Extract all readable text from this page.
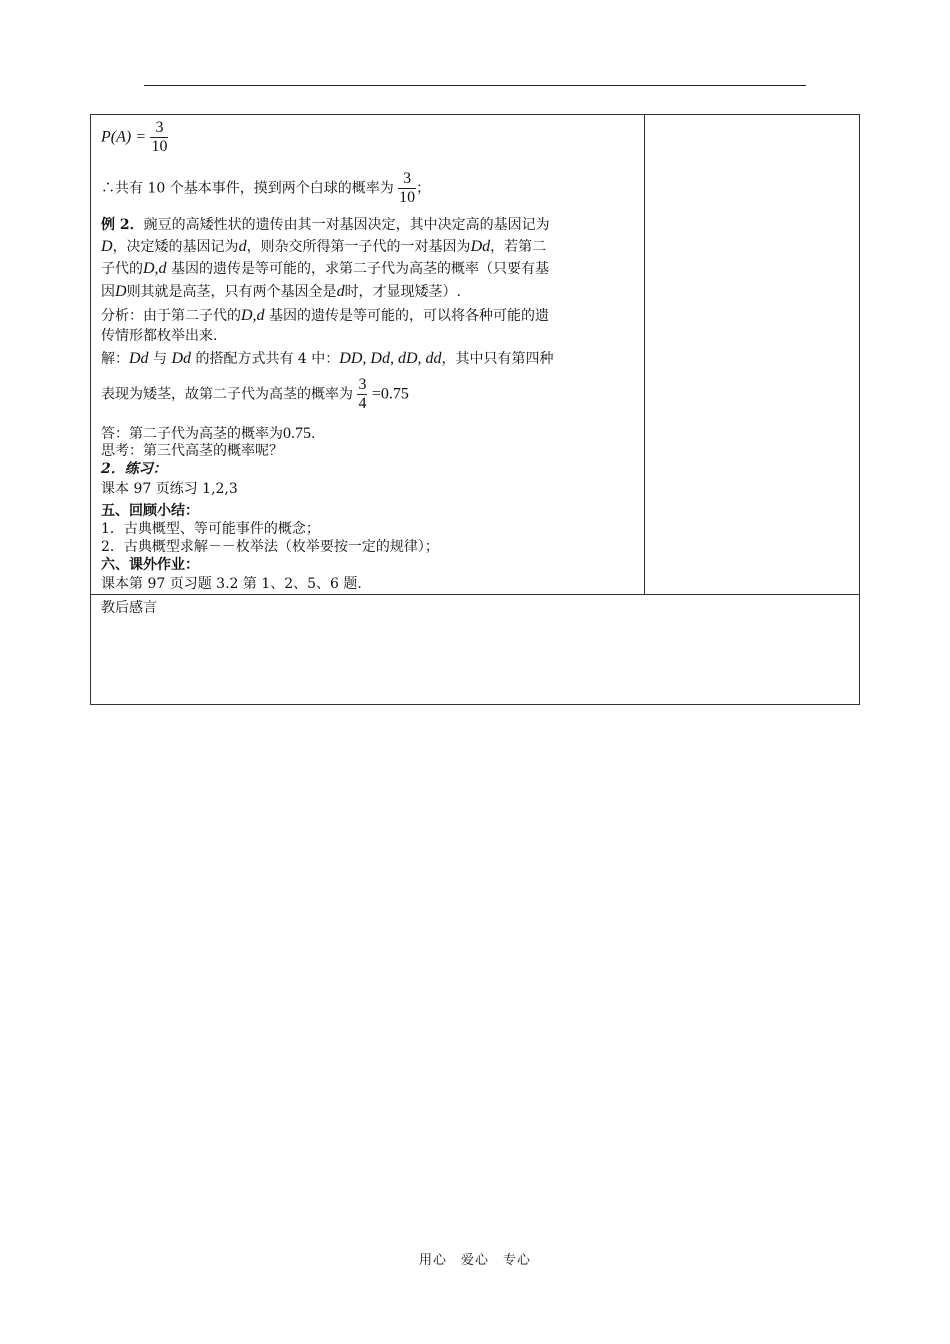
$P(A) = \frac{3}{10}$
∴共有 10 个基本事件，摸到两个白球的概率为 $\frac{3}{10}$ ；
例 2．豌豆的高矮性状的遗传由其一对基因决定，其中决定高的基因记为
D，决定矮的基因记为d，则杂交所得第一子代的一对基因为Dd，若第二
子代的D,d 基因的遗传是等可能的，求第二子代为高茎的概率（只要有基
因D则其就是高茎，只有两个基因全是d时，才显现矮茎）.
分析：由于第二子代的D,d 基因的遗传是等可能的，可以将各种可能的遗
传情形都枚举出来.
解：Dd 与 Dd 的搭配方式共有 4 中：DD, Dd, dD, dd，其中只有第四种
表现为矮茎，故第二子代为高茎的概率为 $\frac{3}{4} =0.75$
答：第二子代为高茎的概率为0.75.
思考：第三代高茎的概率呢？
2．练习：
课本 97 页练习 1,2,3
五、回顾小结：
1．古典概型、等可能事件的概念；
2．古典概型求解－－枚举法（枚举要按一定的规律）；
六、课外作业：
课本第 97 页习题 3.2 第 1、2、5、6 题.
教后感言
用心　爱心　专心
